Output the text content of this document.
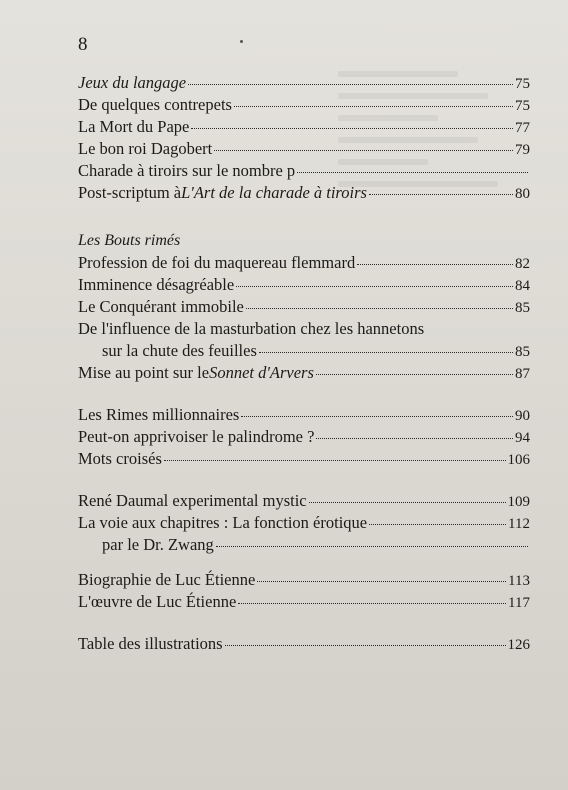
8
Jeux du langage	75
De quelques contrepets	75
La Mort du Pape	77
Le bon roi Dagobert	79
Charade à tiroirs sur le nombre p
Post-scriptum à L'Art de la charade à tiroirs	80
Les Bouts rimés
Profession de foi du maquereau flemmard	82
Imminence désagréable	84
Le Conquérant immobile	85
De l'influence de la masturbation chez les hannetons
sur la chute des feuilles	85
Mise au point sur le Sonnet d'Arvers	87
Les Rimes millionnaires	90
Peut-on apprivoiser le palindrome ?	94
Mots croisés	106
René Daumal experimental mystic	109
La voie aux chapitres : La fonction érotique	112
par le Dr. Zwang
Biographie de Luc Étienne	113
L'œuvre de Luc Étienne	117
Table des illustrations	126
